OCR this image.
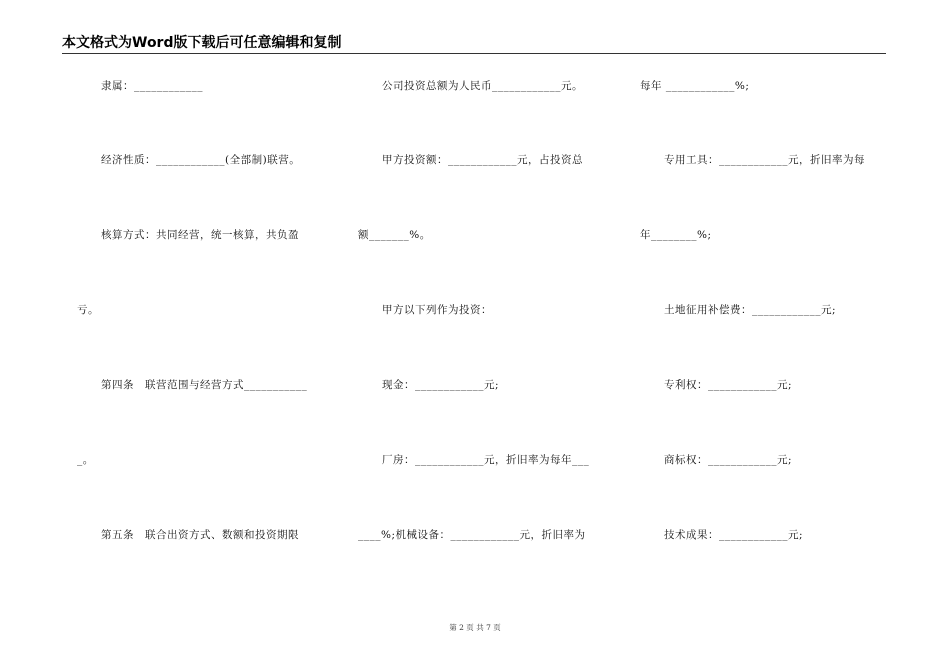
本文格式为Word版下载后可任意编辑和复制
隶属：____________
经济性质：____________(全部制)联营。
核算方式：共同经营，统一核算，共负盈
亏。
第四条　联营范围与经营方式___________
_。
第五条　联合出资方式、数额和投资期限
公司投资总额为人民币____________元。
甲方投资额：____________元，占投资总
额_______%。
甲方以下列作为投资：
现金：____________元;
厂房：____________元，折旧率为每年___
____%;机械设备：____________元，折旧率为
每年 ____________%;
专用工具：____________元，折旧率为每
年________%;
土地征用补偿费：____________元;
专利权：____________元;
商标权：____________元;
技术成果：____________元;
第 2 页 共 7 页
